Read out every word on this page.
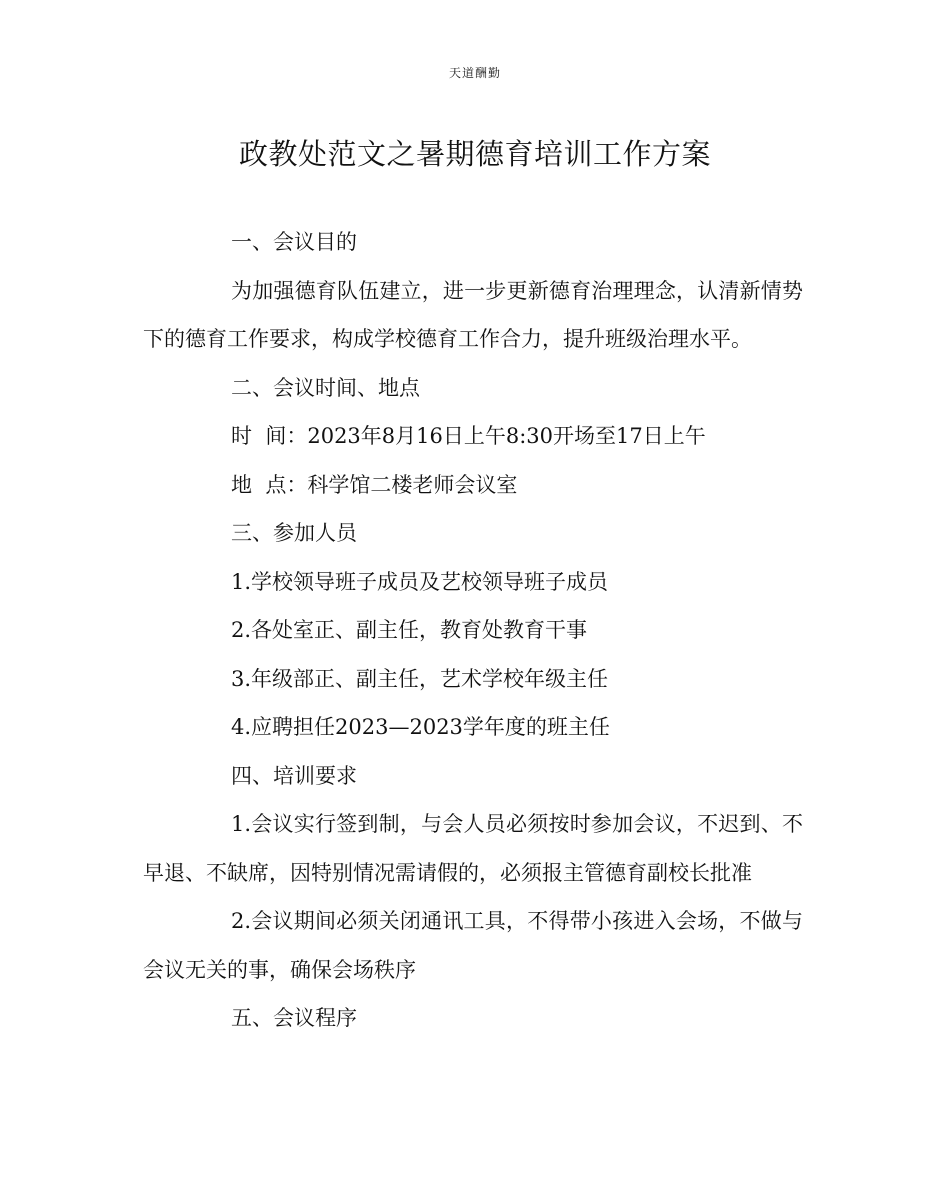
天道酬勤
政教处范文之暑期德育培训工作方案
一、会议目的
为加强德育队伍建立，进一步更新德育治理理念，认清新情势下的德育工作要求，构成学校德育工作合力，提升班级治理水平。
二、会议时间、地点
时  间：2023年8月16日上午8:30开场至17日上午
地  点：科学馆二楼老师会议室
三、参加人员
1.学校领导班子成员及艺校领导班子成员
2.各处室正、副主任，教育处教育干事
3.年级部正、副主任，艺术学校年级主任
4.应聘担任2023—2023学年度的班主任
四、培训要求
1.会议实行签到制，与会人员必须按时参加会议，不迟到、不早退、不缺席，因特别情况需请假的，必须报主管德育副校长批准
2.会议期间必须关闭通讯工具，不得带小孩进入会场，不做与会议无关的事，确保会场秩序
五、会议程序
